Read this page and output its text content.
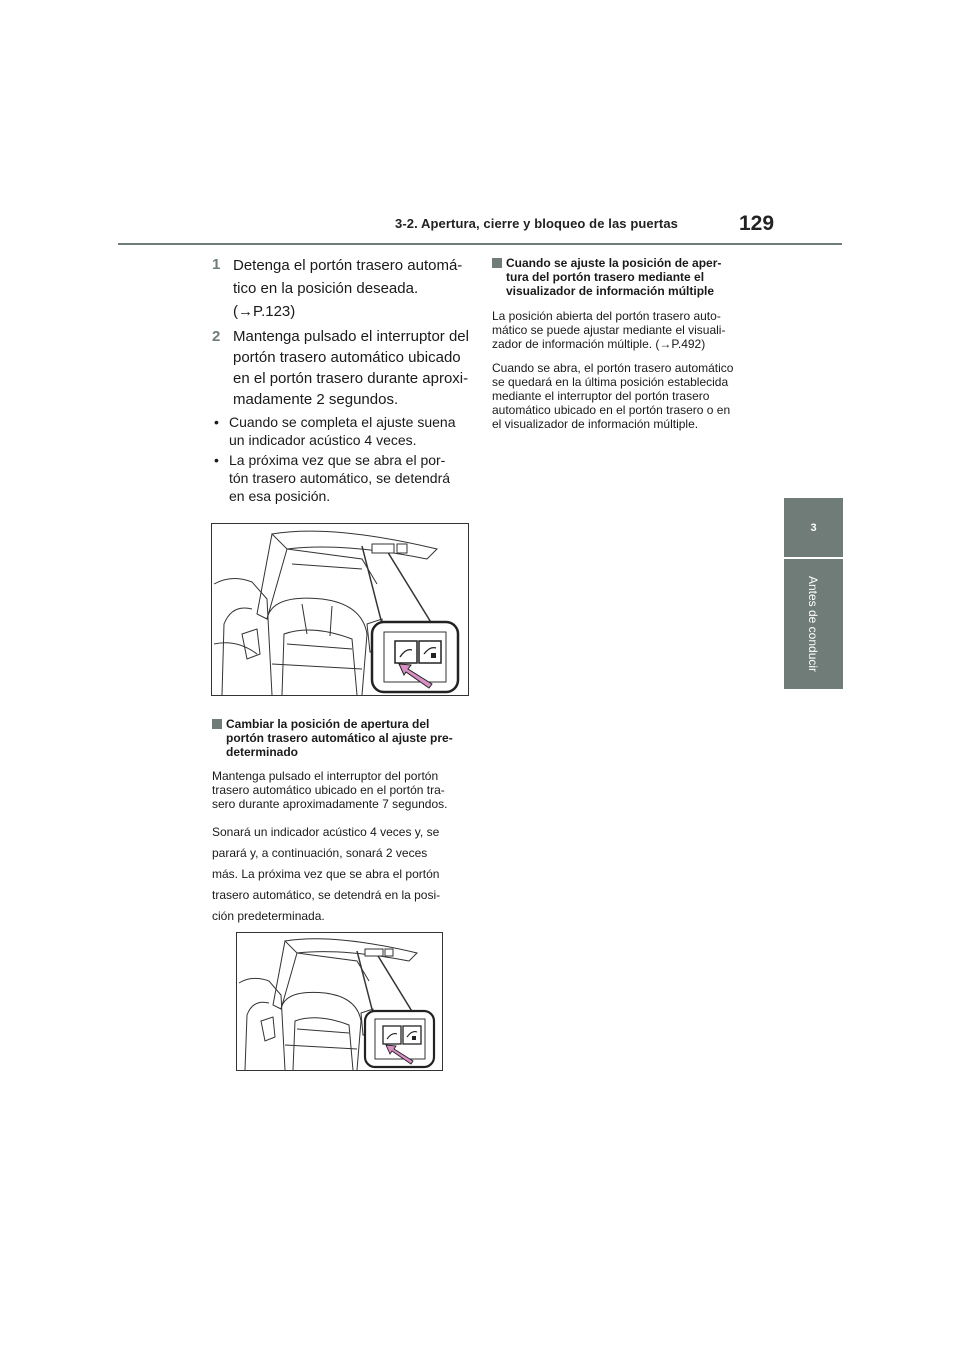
3-2. Apertura, cierre y bloqueo de las puertas	129
3
Antes de conducir
1 Detenga el portón trasero automá-
tico en la posición deseada.
(→P.123)
2 Mantenga pulsado el interruptor del
portón trasero automático ubicado
en el portón trasero durante aproxi-
madamente 2 segundos.
• Cuando se completa el ajuste suena
un indicador acústico 4 veces.
• La próxima vez que se abra el por-
tón trasero automático, se detendrá
en esa posición.
Cambiar la posición de apertura del
portón trasero automático al ajuste pre-
determinado
Mantenga pulsado el interruptor del portón
trasero automático ubicado en el portón tra-
sero durante aproximadamente 7 segundos.
Sonará un indicador acústico 4 veces y, se
parará y, a continuación, sonará 2 veces
más. La próxima vez que se abra el portón
trasero automático, se detendrá en la posi-
ción predeterminada.
Cuando se ajuste la posición de aper-
tura del portón trasero mediante el
visualizador de información múltiple
La posición abierta del portón trasero auto-
mático se puede ajustar mediante el visuali-
zador de información múltiple. (→P.492)
Cuando se abra, el portón trasero automático
se quedará en la última posición establecida
mediante el interruptor del portón trasero
automático ubicado en el portón trasero o en
el visualizador de información múltiple.
